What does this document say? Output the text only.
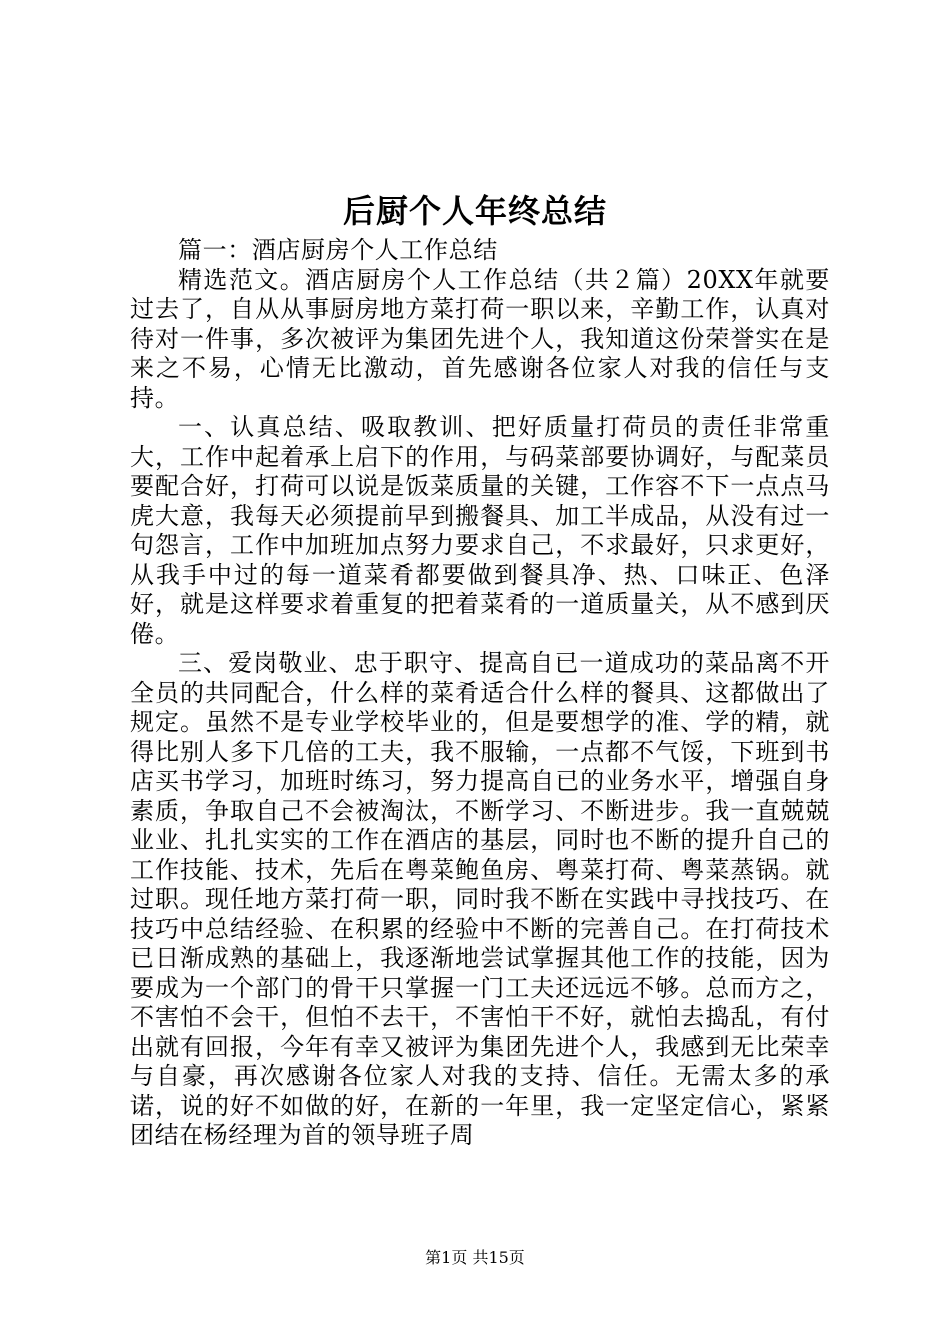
后厨个人年终总结

篇一：酒店厨房个人工作总结

精选范文。酒店厨房个人工作总结（共２篇）20XX年就要过去了，自从从事厨房地方菜打荷一职以来，辛勤工作，认真对待对一件事，多次被评为集团先进个人，我知道这份荣誉实在是来之不易，心情无比激动，首先感谢各位家人对我的信任与支持。

一、认真总结、吸取教训、把好质量打荷员的责任非常重大，工作中起着承上启下的作用，与码菜部要协调好，与配菜员要配合好，打荷可以说是饭菜质量的关键，工作容不下一点点马虎大意，我每天必须提前早到搬餐具、加工半成品，从没有过一句怨言，工作中加班加点努力要求自己，不求最好，只求更好，从我手中过的每一道菜肴都要做到餐具净、热、口味正、色泽好，就是这样要求着重复的把着菜肴的一道质量关，从不感到厌倦。

三、爱岗敬业、忠于职守、提高自已一道成功的菜品离不开全员的共同配合，什么样的菜肴适合什么样的餐具、这都做出了规定。虽然不是专业学校毕业的，但是要想学的准、学的精，就得比别人多下几倍的工夫，我不服输，一点都不气馁，下班到书店买书学习，加班时练习，努力提高自已的业务水平，增强自身素质，争取自己不会被淘汰，不断学习、不断进步。我一直兢兢业业、扎扎实实的工作在酒店的基层，同时也不断的提升自己的工作技能、技术，先后在粤菜鲍鱼房、粤菜打荷、粤菜蒸锅。就过职。现任地方菜打荷一职，同时我不断在实践中寻找技巧、在技巧中总结经验、在积累的经验中不断的完善自己。在打荷技术已日渐成熟的基础上，我逐渐地尝试掌握其他工作的技能，因为要成为一个部门的骨干只掌握一门工夫还远远不够。总而方之，不害怕不会干，但怕不去干，不害怕干不好，就怕去捣乱，有付出就有回报，今年有幸又被评为集团先进个人，我感到无比荣幸与自豪，再次感谢各位家人对我的支持、信任。无需太多的承诺，说的好不如做的好，在新的一年里，我一定坚定信心，紧紧团结在杨经理为首的领导班子周

第1页 共15页
